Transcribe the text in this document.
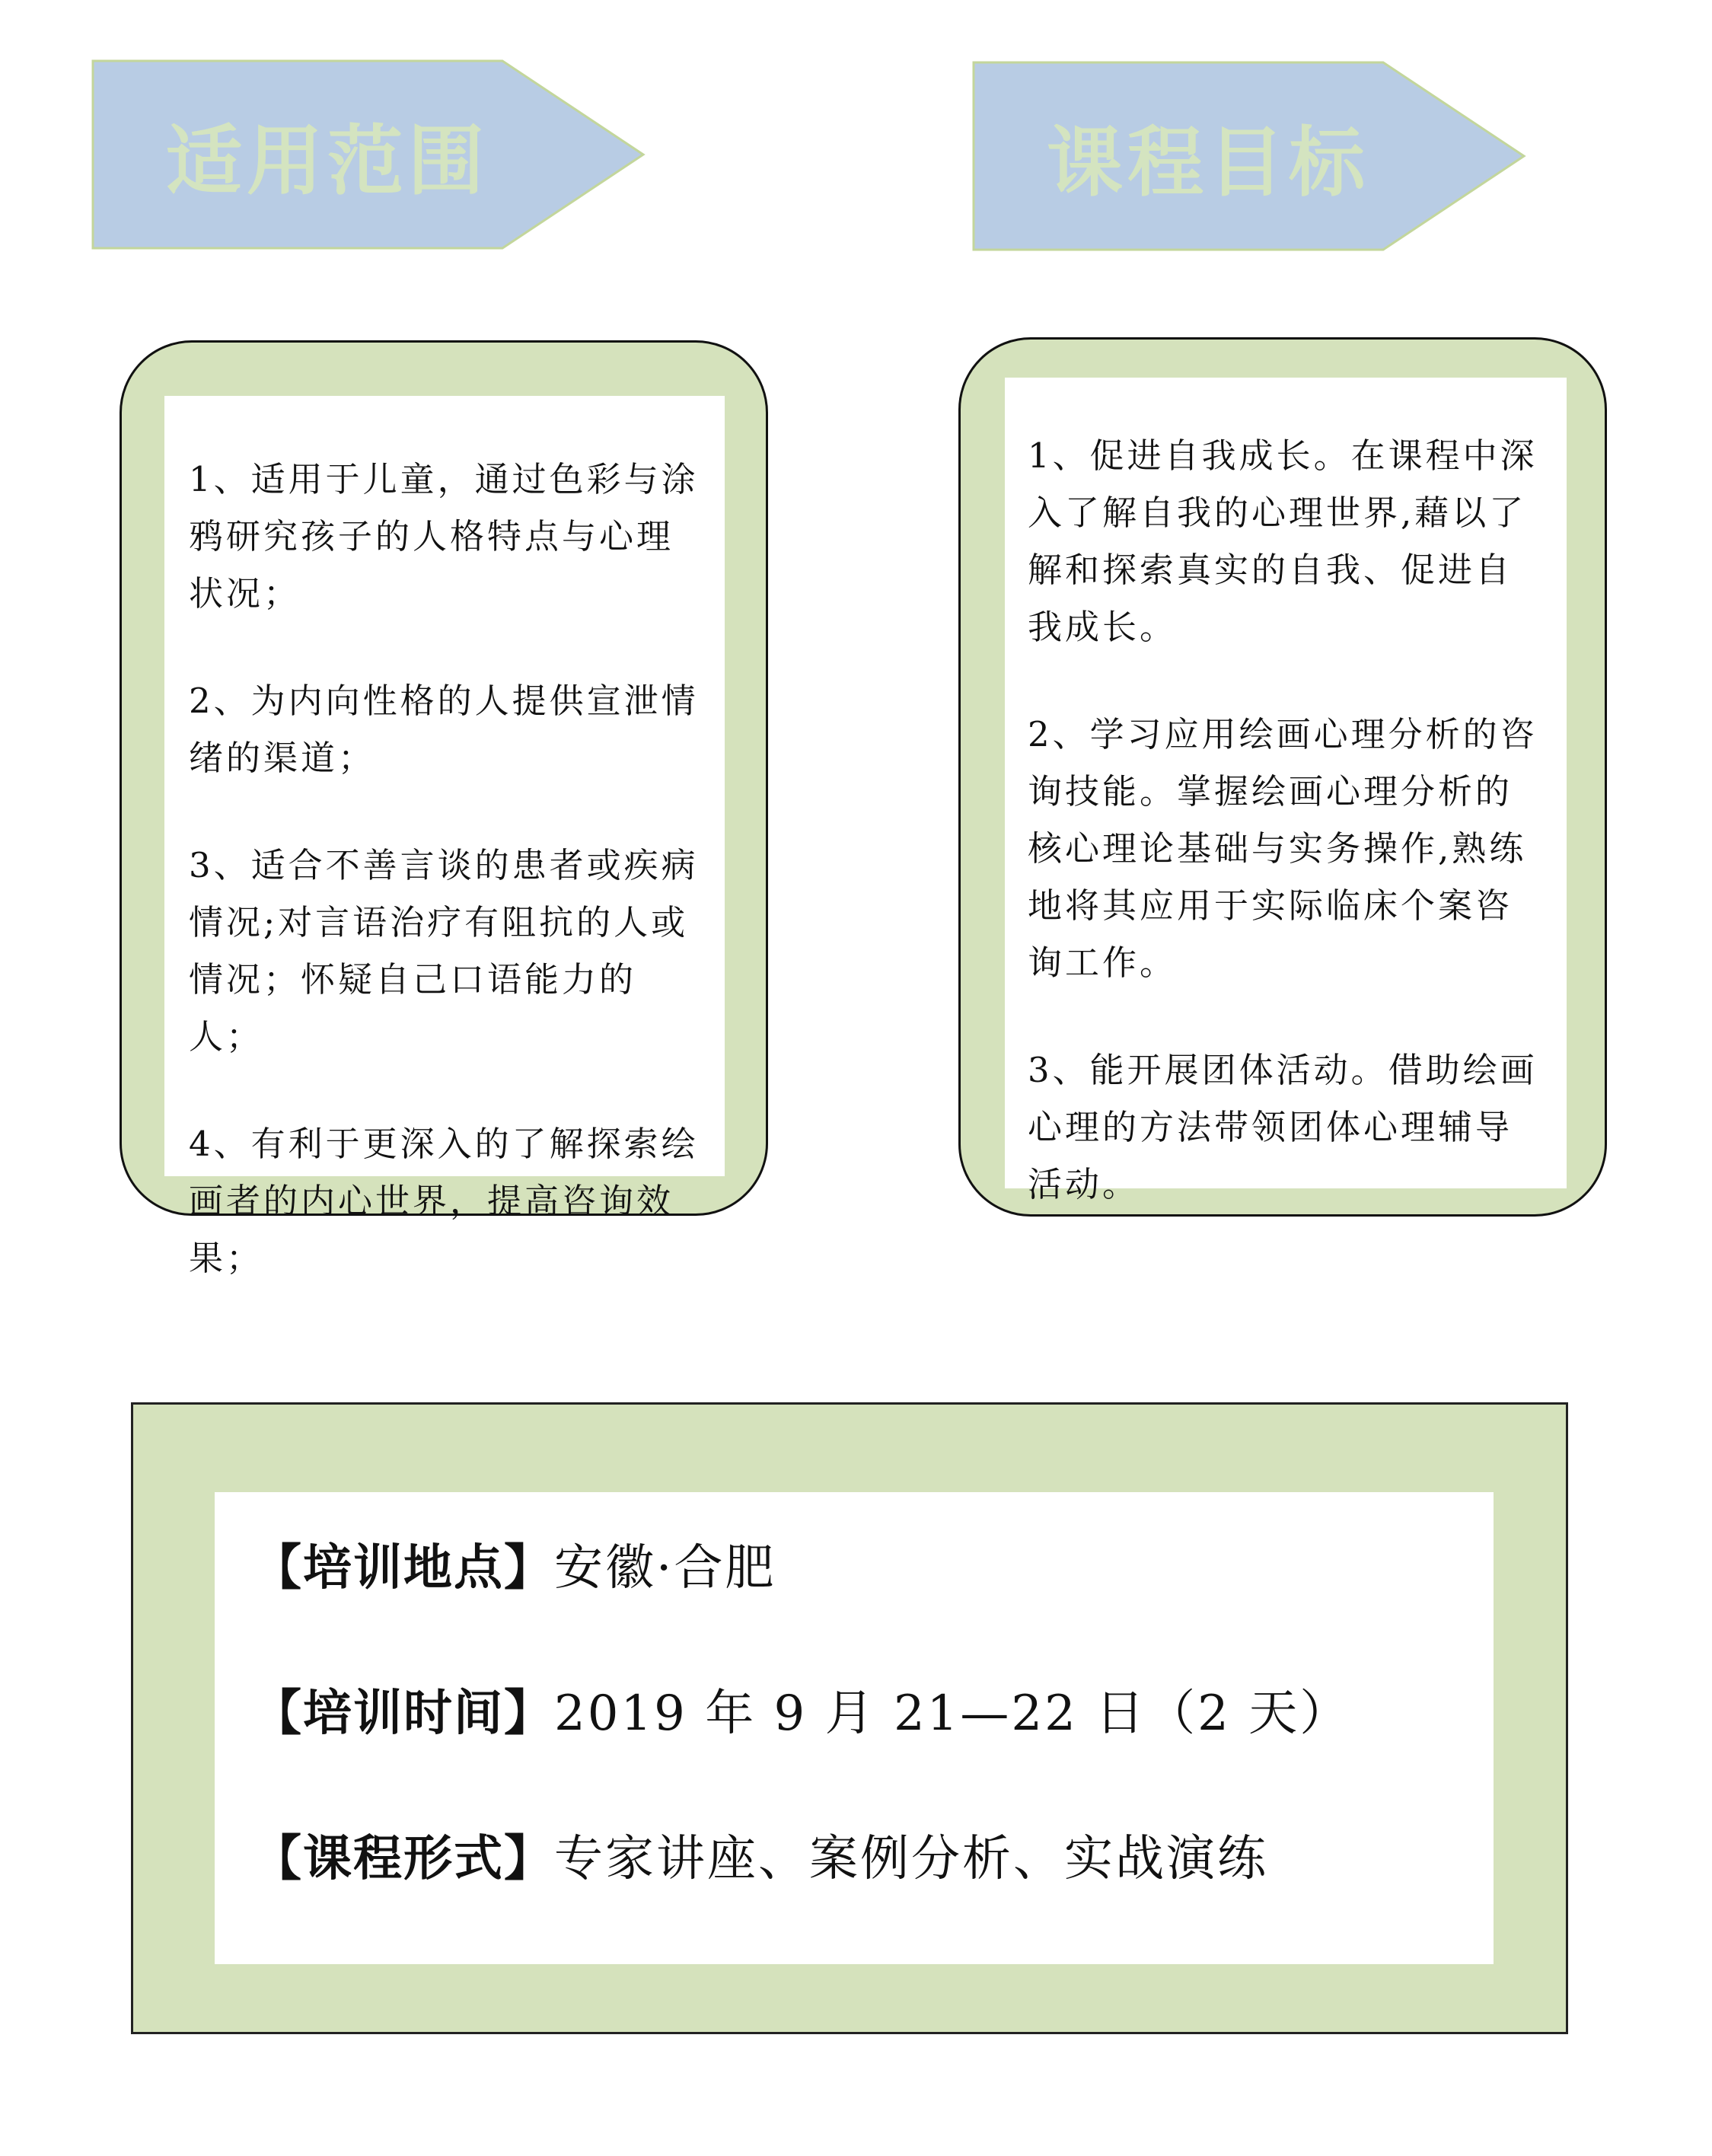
适用范围	课程目标

1、适用于儿童，通过色彩与涂鸦研究孩子的人格特点与心理状况；

2、为内向性格的人提供宣泄情绪的渠道；

3、适合不善言谈的患者或疾病情况;对言语治疗有阻抗的人或情况；怀疑自己口语能力的人；

4、有利于更深入的了解探索绘画者的内心世界，提高咨询效果；

1、促进自我成长。在课程中深入了解自我的心理世界,藉以了解和探索真实的自我、促进自我成长。

2、学习应用绘画心理分析的咨询技能。掌握绘画心理分析的核心理论基础与实务操作,熟练地将其应用于实际临床个案咨询工作。

3、能开展团体活动。借助绘画心理的方法带领团体心理辅导活动。

【培训地点】安徽·合肥
【培训时间】2019 年 9 月 21—22 日（2 天）
【课程形式】专家讲座、案例分析、实战演练
